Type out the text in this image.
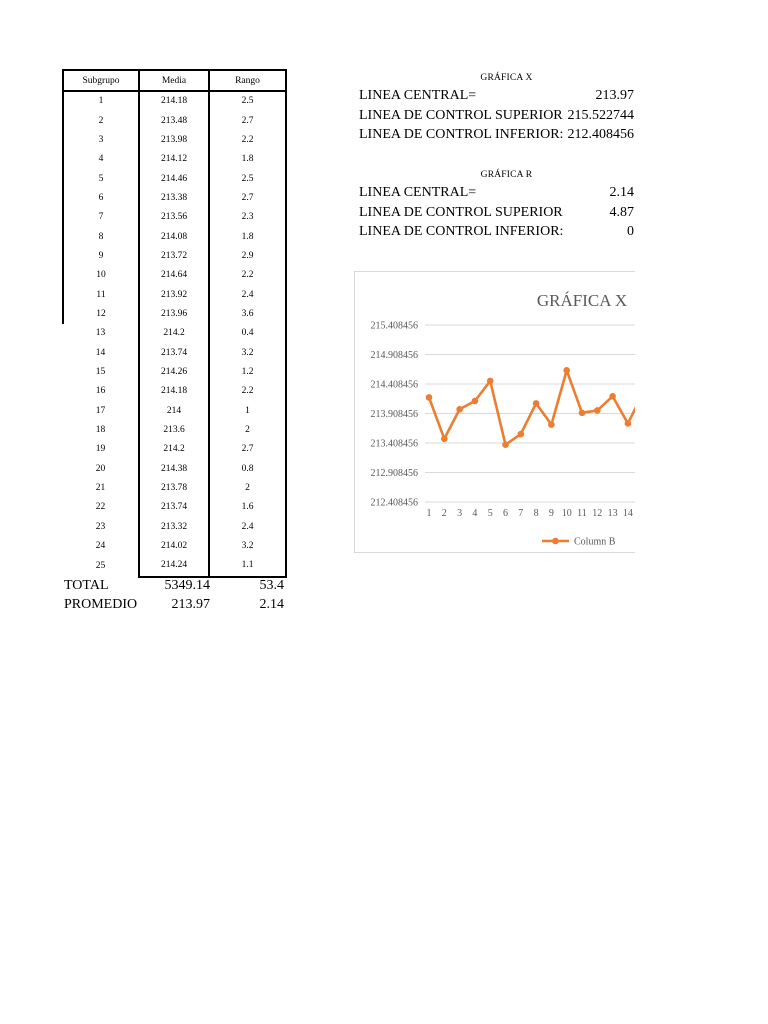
Subgrupo	Media	Rango
1	214.18	2.5
2	213.48	2.7
3	213.98	2.2
4	214.12	1.8
5	214.46	2.5
6	213.38	2.7
7	213.56	2.3
8	214.08	1.8
9	213.72	2.9
10	214.64	2.2
11	213.92	2.4
12	213.96	3.6
13	214.2	0.4
14	213.74	3.2
15	214.26	1.2
16	214.18	2.2
17	214	1
18	213.6	2
19	214.2	2.7
20	214.38	0.8
21	213.78	2
22	213.74	1.6
23	213.32	2.4
24	214.02	3.2
25	214.24	1.1
TOTAL	5349.14	53.4
PROMEDIO 213.97	2.14
GRÁFICA X
LINEA CENTRAL=	213.97
LINEA DE CONTROL SUPERIOR 215.522744
LINEA DE CONTROL INFERIOR: 212.408456
GRÁFICA R
LINEA CENTRAL=	2.14
LINEA DE CONTROL SUPERIOR	4.87
LINEA DE CONTROL INFERIOR:	0
GRÁFICA X
212.408456
212.908456
213.408456
213.908456
214.408456
214.908456
215.408456
1 2 3 4 5 6 7 8 9 10 11 12 13 14
Column B
